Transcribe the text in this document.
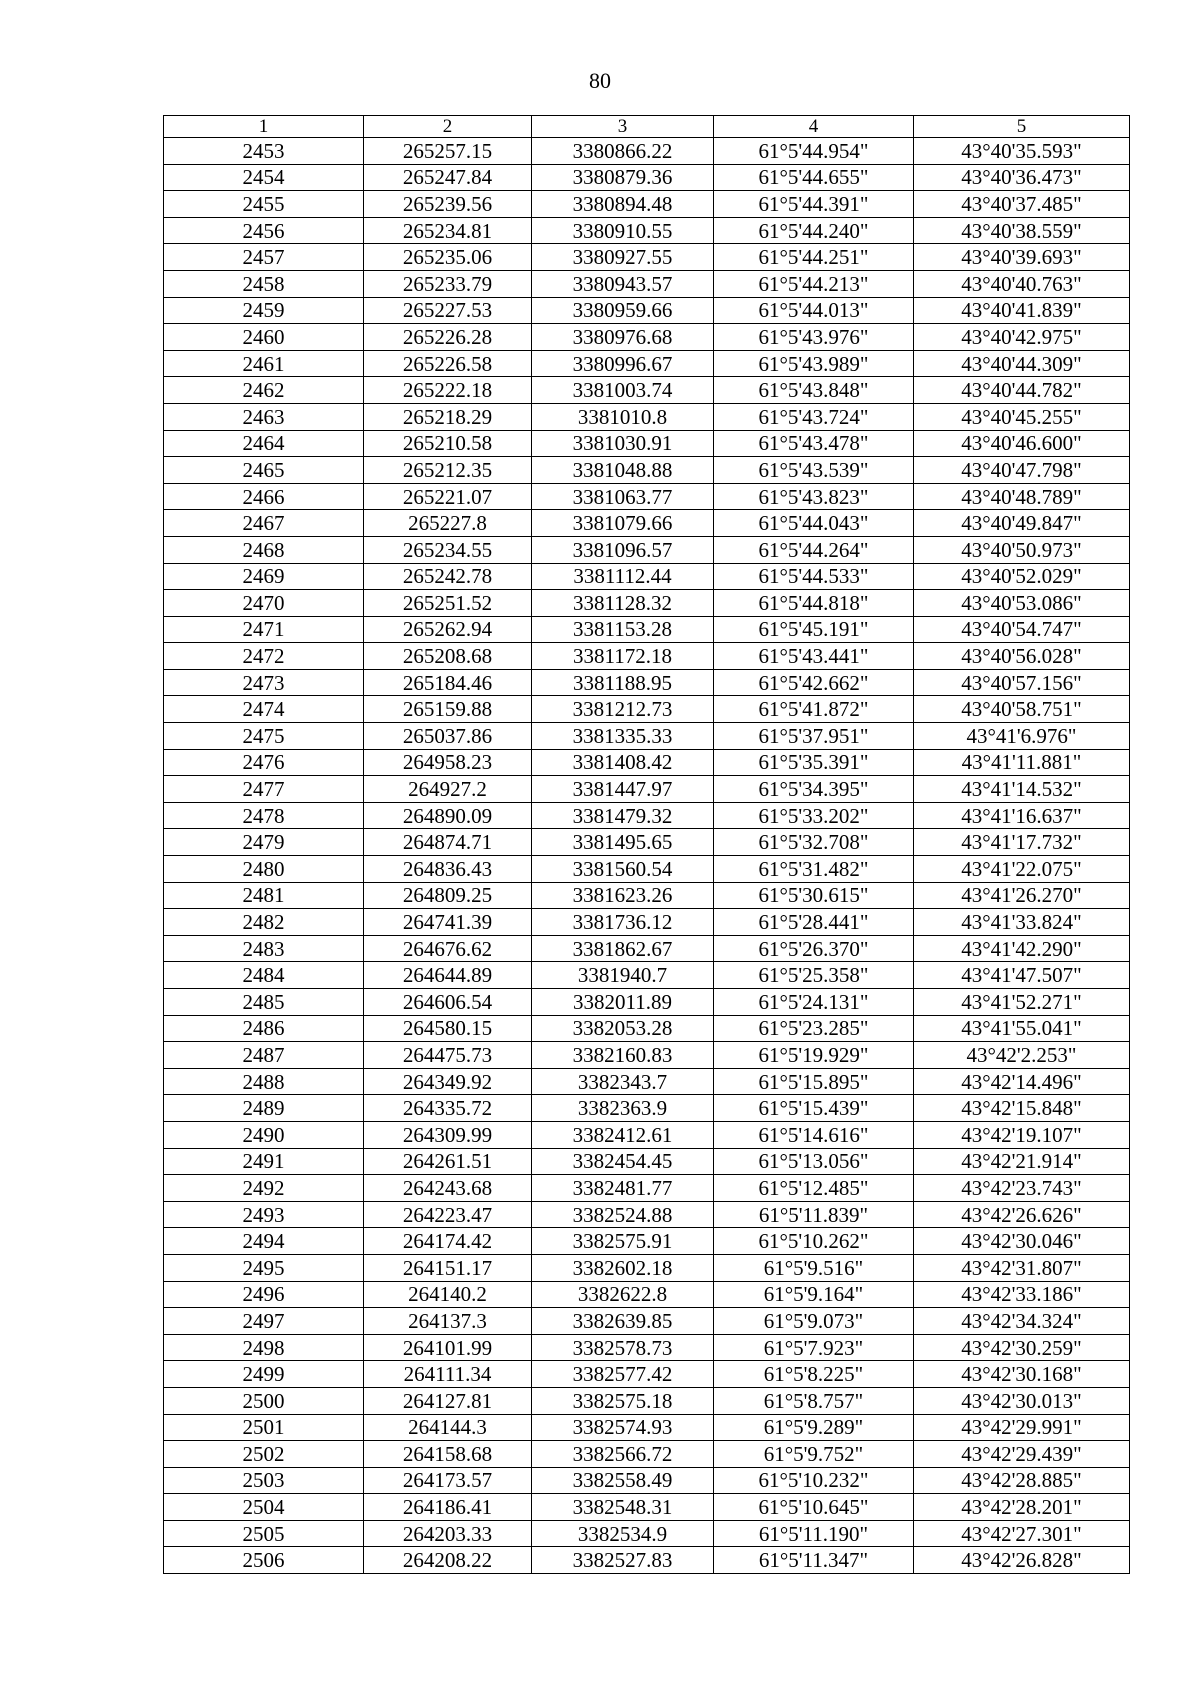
80
1	2	3	4	5
2453	265257.15	3380866.22	61°5'44.954"	43°40'35.593"
2454	265247.84	3380879.36	61°5'44.655"	43°40'36.473"
2455	265239.56	3380894.48	61°5'44.391"	43°40'37.485"
2456	265234.81	3380910.55	61°5'44.240"	43°40'38.559"
2457	265235.06	3380927.55	61°5'44.251"	43°40'39.693"
2458	265233.79	3380943.57	61°5'44.213"	43°40'40.763"
2459	265227.53	3380959.66	61°5'44.013"	43°40'41.839"
2460	265226.28	3380976.68	61°5'43.976"	43°40'42.975"
2461	265226.58	3380996.67	61°5'43.989"	43°40'44.309"
2462	265222.18	3381003.74	61°5'43.848"	43°40'44.782"
2463	265218.29	3381010.8	61°5'43.724"	43°40'45.255"
2464	265210.58	3381030.91	61°5'43.478"	43°40'46.600"
2465	265212.35	3381048.88	61°5'43.539"	43°40'47.798"
2466	265221.07	3381063.77	61°5'43.823"	43°40'48.789"
2467	265227.8	3381079.66	61°5'44.043"	43°40'49.847"
2468	265234.55	3381096.57	61°5'44.264"	43°40'50.973"
2469	265242.78	3381112.44	61°5'44.533"	43°40'52.029"
2470	265251.52	3381128.32	61°5'44.818"	43°40'53.086"
2471	265262.94	3381153.28	61°5'45.191"	43°40'54.747"
2472	265208.68	3381172.18	61°5'43.441"	43°40'56.028"
2473	265184.46	3381188.95	61°5'42.662"	43°40'57.156"
2474	265159.88	3381212.73	61°5'41.872"	43°40'58.751"
2475	265037.86	3381335.33	61°5'37.951"	43°41'6.976"
2476	264958.23	3381408.42	61°5'35.391"	43°41'11.881"
2477	264927.2	3381447.97	61°5'34.395"	43°41'14.532"
2478	264890.09	3381479.32	61°5'33.202"	43°41'16.637"
2479	264874.71	3381495.65	61°5'32.708"	43°41'17.732"
2480	264836.43	3381560.54	61°5'31.482"	43°41'22.075"
2481	264809.25	3381623.26	61°5'30.615"	43°41'26.270"
2482	264741.39	3381736.12	61°5'28.441"	43°41'33.824"
2483	264676.62	3381862.67	61°5'26.370"	43°41'42.290"
2484	264644.89	3381940.7	61°5'25.358"	43°41'47.507"
2485	264606.54	3382011.89	61°5'24.131"	43°41'52.271"
2486	264580.15	3382053.28	61°5'23.285"	43°41'55.041"
2487	264475.73	3382160.83	61°5'19.929"	43°42'2.253"
2488	264349.92	3382343.7	61°5'15.895"	43°42'14.496"
2489	264335.72	3382363.9	61°5'15.439"	43°42'15.848"
2490	264309.99	3382412.61	61°5'14.616"	43°42'19.107"
2491	264261.51	3382454.45	61°5'13.056"	43°42'21.914"
2492	264243.68	3382481.77	61°5'12.485"	43°42'23.743"
2493	264223.47	3382524.88	61°5'11.839"	43°42'26.626"
2494	264174.42	3382575.91	61°5'10.262"	43°42'30.046"
2495	264151.17	3382602.18	61°5'9.516"	43°42'31.807"
2496	264140.2	3382622.8	61°5'9.164"	43°42'33.186"
2497	264137.3	3382639.85	61°5'9.073"	43°42'34.324"
2498	264101.99	3382578.73	61°5'7.923"	43°42'30.259"
2499	264111.34	3382577.42	61°5'8.225"	43°42'30.168"
2500	264127.81	3382575.18	61°5'8.757"	43°42'30.013"
2501	264144.3	3382574.93	61°5'9.289"	43°42'29.991"
2502	264158.68	3382566.72	61°5'9.752"	43°42'29.439"
2503	264173.57	3382558.49	61°5'10.232"	43°42'28.885"
2504	264186.41	3382548.31	61°5'10.645"	43°42'28.201"
2505	264203.33	3382534.9	61°5'11.190"	43°42'27.301"
2506	264208.22	3382527.83	61°5'11.347"	43°42'26.828"
